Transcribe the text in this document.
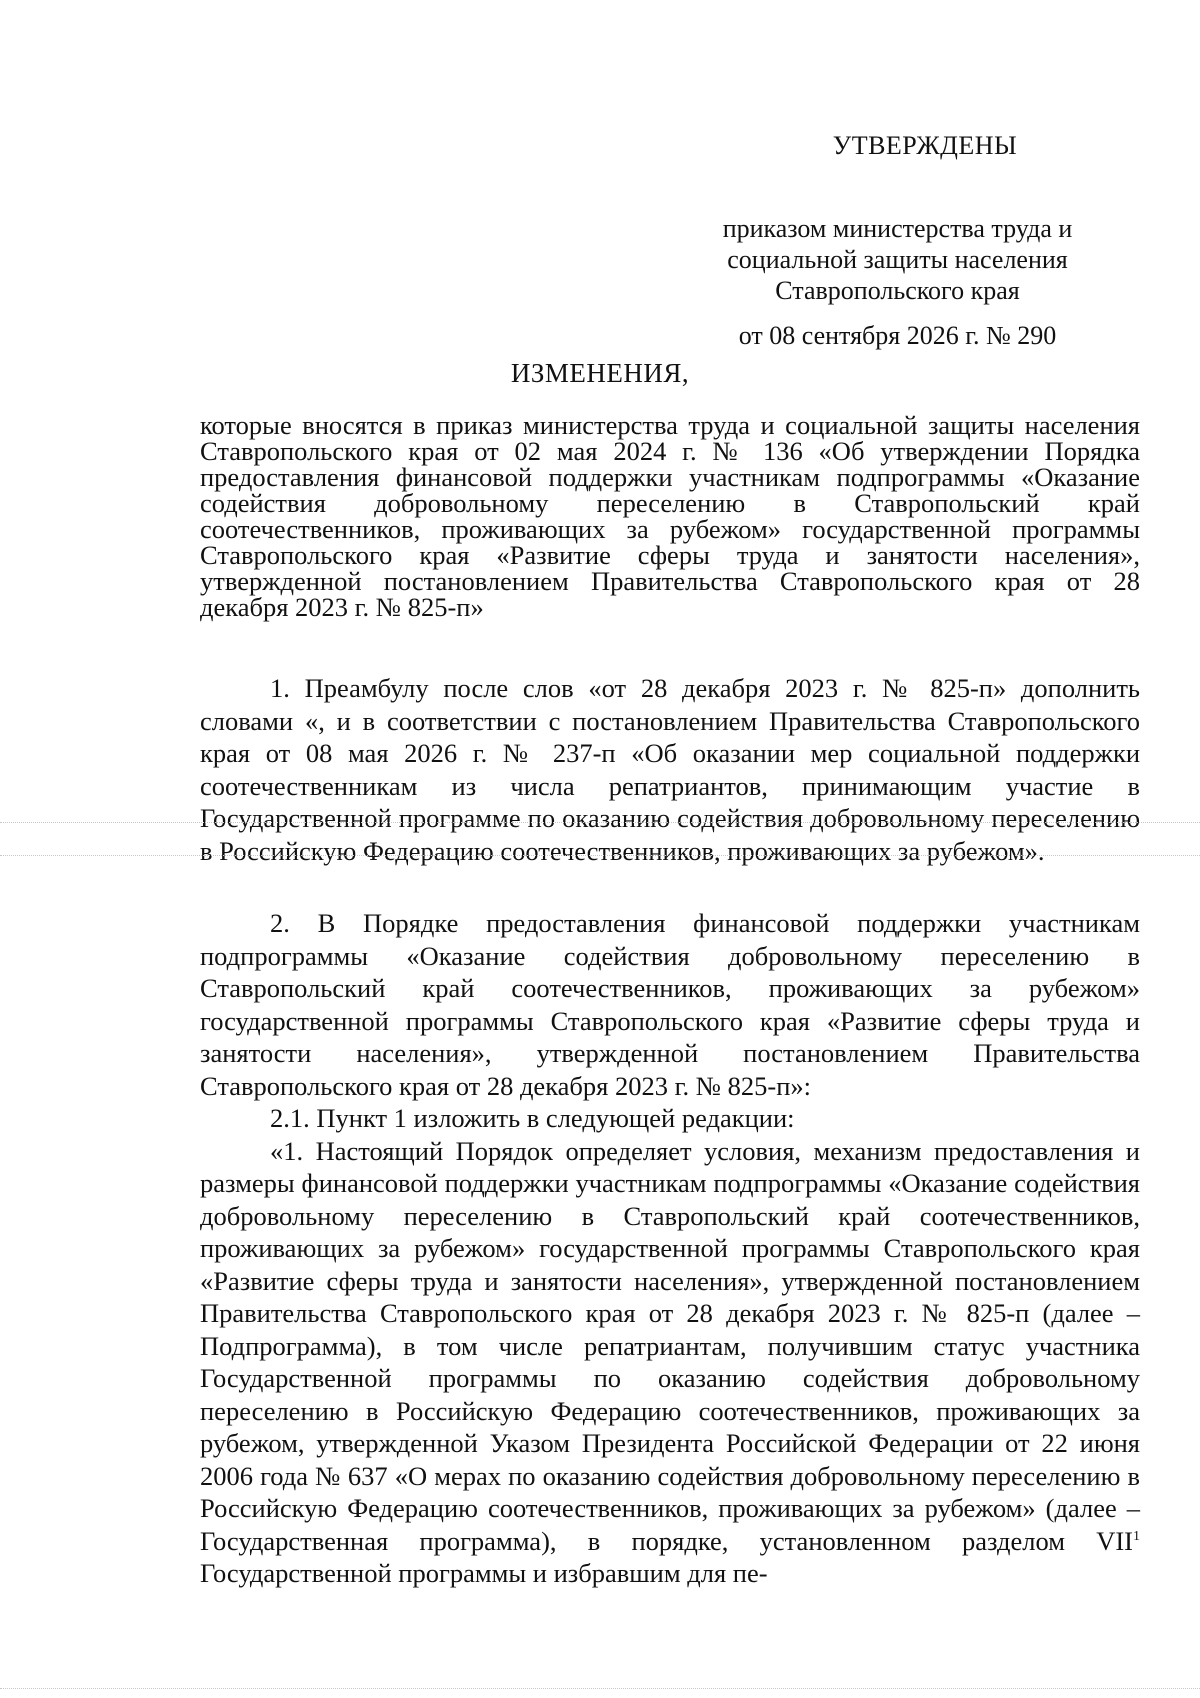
УТВЕРЖДЕНЫ
приказом министерства труда и
социальной защиты населения
Ставропольского края
от 08 сентября 2026 г. № 290
ИЗМЕНЕНИЯ,

которые вносятся в приказ министерства труда и социальной защиты населения Ставропольского края от 02 мая 2024 г. № 136 «Об утверждении Порядка предоставления финансовой поддержки участникам подпрограммы «Оказание содействия добровольному переселению в Ставропольский край соотечественников, проживающих за рубежом» государственной программы Ставропольского края «Развитие сферы труда и занятости населения», утвержденной постановлением Правительства Ставропольского края от 28 декабря 2023 г. № 825-п»

1. Преамбулу после слов «от 28 декабря 2023 г. № 825-п» дополнить словами «, и в соответствии с постановлением Правительства Ставропольского края от 08 мая 2026 г. № 237-п «Об оказании мер социальной поддержки соотечественникам из числа репатриантов, принимающим участие в Государственной программе по оказанию содействия добровольному переселению в Российскую Федерацию соотечественников, проживающих за рубежом».

2. В Порядке предоставления финансовой поддержки участникам подпрограммы «Оказание содействия добровольному переселению в Ставропольский край соотечественников, проживающих за рубежом» государственной программы Ставропольского края «Развитие сферы труда и занятости населения», утвержденной постановлением Правительства Ставропольского края от 28 декабря 2023 г. № 825-п»:

2.1. Пункт 1 изложить в следующей редакции:

«1. Настоящий Порядок определяет условия, механизм предоставления и размеры финансовой поддержки участникам подпрограммы «Оказание содействия добровольному переселению в Ставропольский край соотечественников, проживающих за рубежом» государственной программы Ставропольского края «Развитие сферы труда и занятости населения», утвержденной постановлением Правительства Ставропольского края от 28 декабря 2023 г. № 825-п (далее – Подпрограмма), в том числе репатриантам, получившим статус участника Государственной программы по оказанию содействия добровольному переселению в Российскую Федерацию соотечественников, проживающих за рубежом, утвержденной Указом Президента Российской Федерации от 22 июня 2006 года № 637 «О мерах по оказанию содействия добровольному переселению в Российскую Федерацию соотечественников, проживающих за рубежом» (далее – Государственная программа), в порядке, установленном разделом VII$^1$ Государственной программы и избравшим для пе-
